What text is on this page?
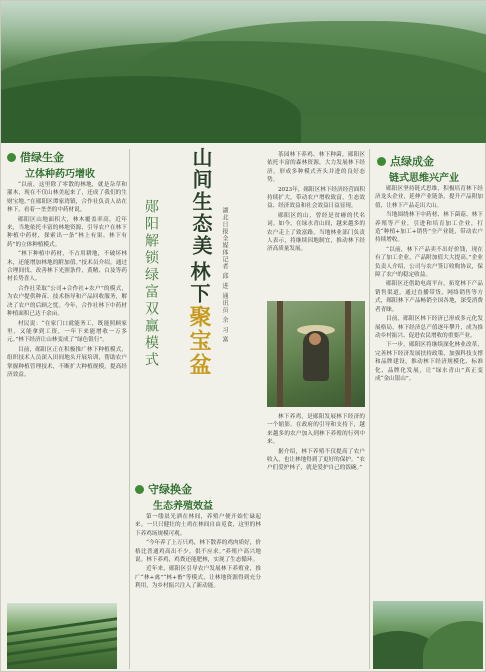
借绿生金
立体种药巧增收

“以前，这里除了零散的林地，就是杂草和灌木，现在不仅山林美起来了，还成了我们的生财宝地。”在郧阳区谭家湾镇，合作社负责人站在林下，看着一垄垄的中药材说。

郧阳区山地面积大，林木覆盖率高。近年来，当地依托丰富的林地资源，引导农户在林下种植中药材，探索出一条“林上有果、林下有药”的立体种植模式。

“林下种植中药材，不占用耕地，不破坏林木，还能增加林地的附加值。”技术员介绍，通过合理间伐、改善林下光照条件，黄精、白及等药材长势喜人。

合作社采取“公司+合作社+农户”的模式，为农户提供种苗、技术指导和产品回收服务，解决了农户的后顾之忧。今年，合作社林下中药材种植面积已达千余亩。

村民说：“在家门口就能务工，既能照顾家里，又能拿到工资，一年下来能增收一万多元。”林下经济让山林变成了“绿色银行”。

目前，郧阳区正在积极推广林下种植模式，组织技术人员深入田间地头开展培训，帮助农户掌握种植管理技术，不断扩大种植规模，提高经济效益。

郧阳解锁绿富双赢模式	山间生态美
林下聚宝盆	湖北日报全媒体记者 邱 进 通讯员 余 习 富

茶园林下养鸡、林下种菌，郧阳区依托丰富的森林资源，大力发展林下经济，形成多种模式齐头并进的良好态势。

2023年，郧阳区林下经济经营面积持续扩大，带动农户增收致富，生态效益、经济效益和社会效益日益显现。

郧阳区的山，曾经是贫瘠的代名词。如今，在绿水青山间，越来越多的农户走上了致富路。当地林业部门负责人表示，将继续因地制宜，推动林下经济高质量发展。

守绿换金
生态养殖效益

第一缕晨光洒在林间，养殖户便开始忙碌起来。一只只健壮的土鸡在林间自由觅食，这里的林下养鸡场规模可观。

“今年养了上万只鸡，林下散养的鸡肉质好，价格比普通鸡高出不少，供不应求。”养殖户高兴地说。林下养鸡，鸡粪还能肥林，实现了生态循环。

近年来，郧阳区引导农户发展林下养殖业，推广“林+禽”“林+畜”等模式，让林地资源得到充分利用，为乡村振兴注入了新动能。

林下养鸡，是郧阳发展林下经济的一个缩影。在政府的引导和支持下，越来越多的农户加入到林下养殖的行列中来。

据介绍，林下养殖不仅提高了农户收入，也让林地得到了更好的保护。“农户们爱护林子，就是爱护自己的饭碗。”

点绿成金
链式思维兴产业

郧阳区坚持链式思维，积极培育林下经济龙头企业，延伸产业链条，提升产品附加值，让林下产品走出大山。

当地围绕林下中药材、林下菌菇、林下养殖等产业，引进和培育加工企业，打造“种植+加工+销售”全产业链，带动农户持续增收。

“以前，林下产品卖不出好价钱，现在有了加工企业，产品附加值大大提高。”企业负责人介绍，公司与农户签订收购协议，保障了农户的稳定收益。

郧阳区还借助电商平台，拓宽林下产品销售渠道。通过直播带货、网络销售等方式，郧阳林下产品畅销全国各地，深受消费者青睐。

目前，郧阳区林下经济已形成多元化发展格局，林下经济总产值逐年攀升，成为推动乡村振兴、促进农民增收的重要产业。

下一步，郧阳区将继续深化林业改革，完善林下经济发展扶持政策，加强科技支撑和品牌建设，推动林下经济规模化、标准化、品牌化发展，让“绿水青山”真正变成“金山银山”。
